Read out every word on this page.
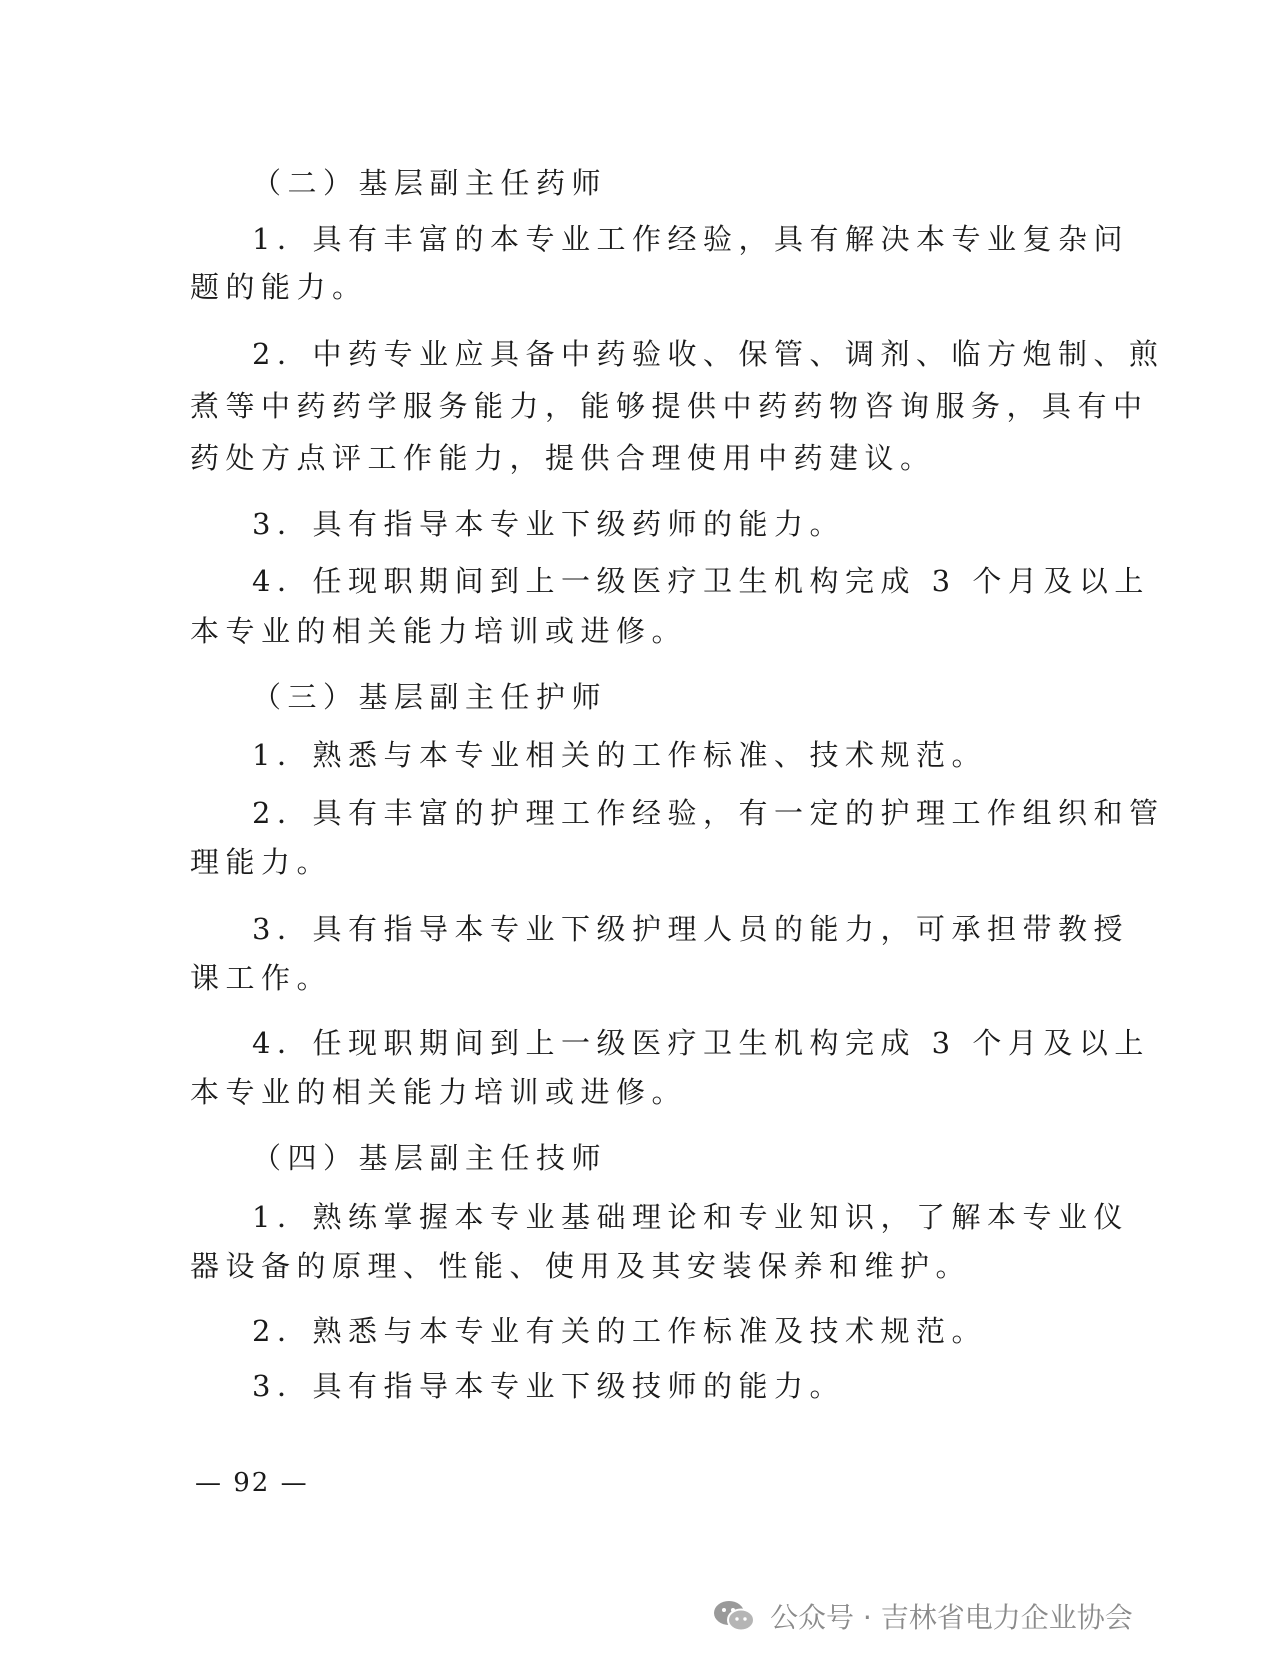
（二）基层副主任药师
1．具有丰富的本专业工作经验，具有解决本专业复杂问
题的能力。
2．中药专业应具备中药验收、保管、调剂、临方炮制、煎
煮等中药药学服务能力，能够提供中药药物咨询服务，具有中
药处方点评工作能力，提供合理使用中药建议。
3．具有指导本专业下级药师的能力。
4．任现职期间到上一级医疗卫生机构完成 3 个月及以上
本专业的相关能力培训或进修。
（三）基层副主任护师
1．熟悉与本专业相关的工作标准、技术规范。
2．具有丰富的护理工作经验，有一定的护理工作组织和管
理能力。
3．具有指导本专业下级护理人员的能力，可承担带教授
课工作。
4．任现职期间到上一级医疗卫生机构完成 3 个月及以上
本专业的相关能力培训或进修。
（四）基层副主任技师
1．熟练掌握本专业基础理论和专业知识，了解本专业仪
器设备的原理、性能、使用及其安装保养和维护。
2．熟悉与本专业有关的工作标准及技术规范。
3．具有指导本专业下级技师的能力。
— 92 —
公众号 · 吉林省电力企业协会
